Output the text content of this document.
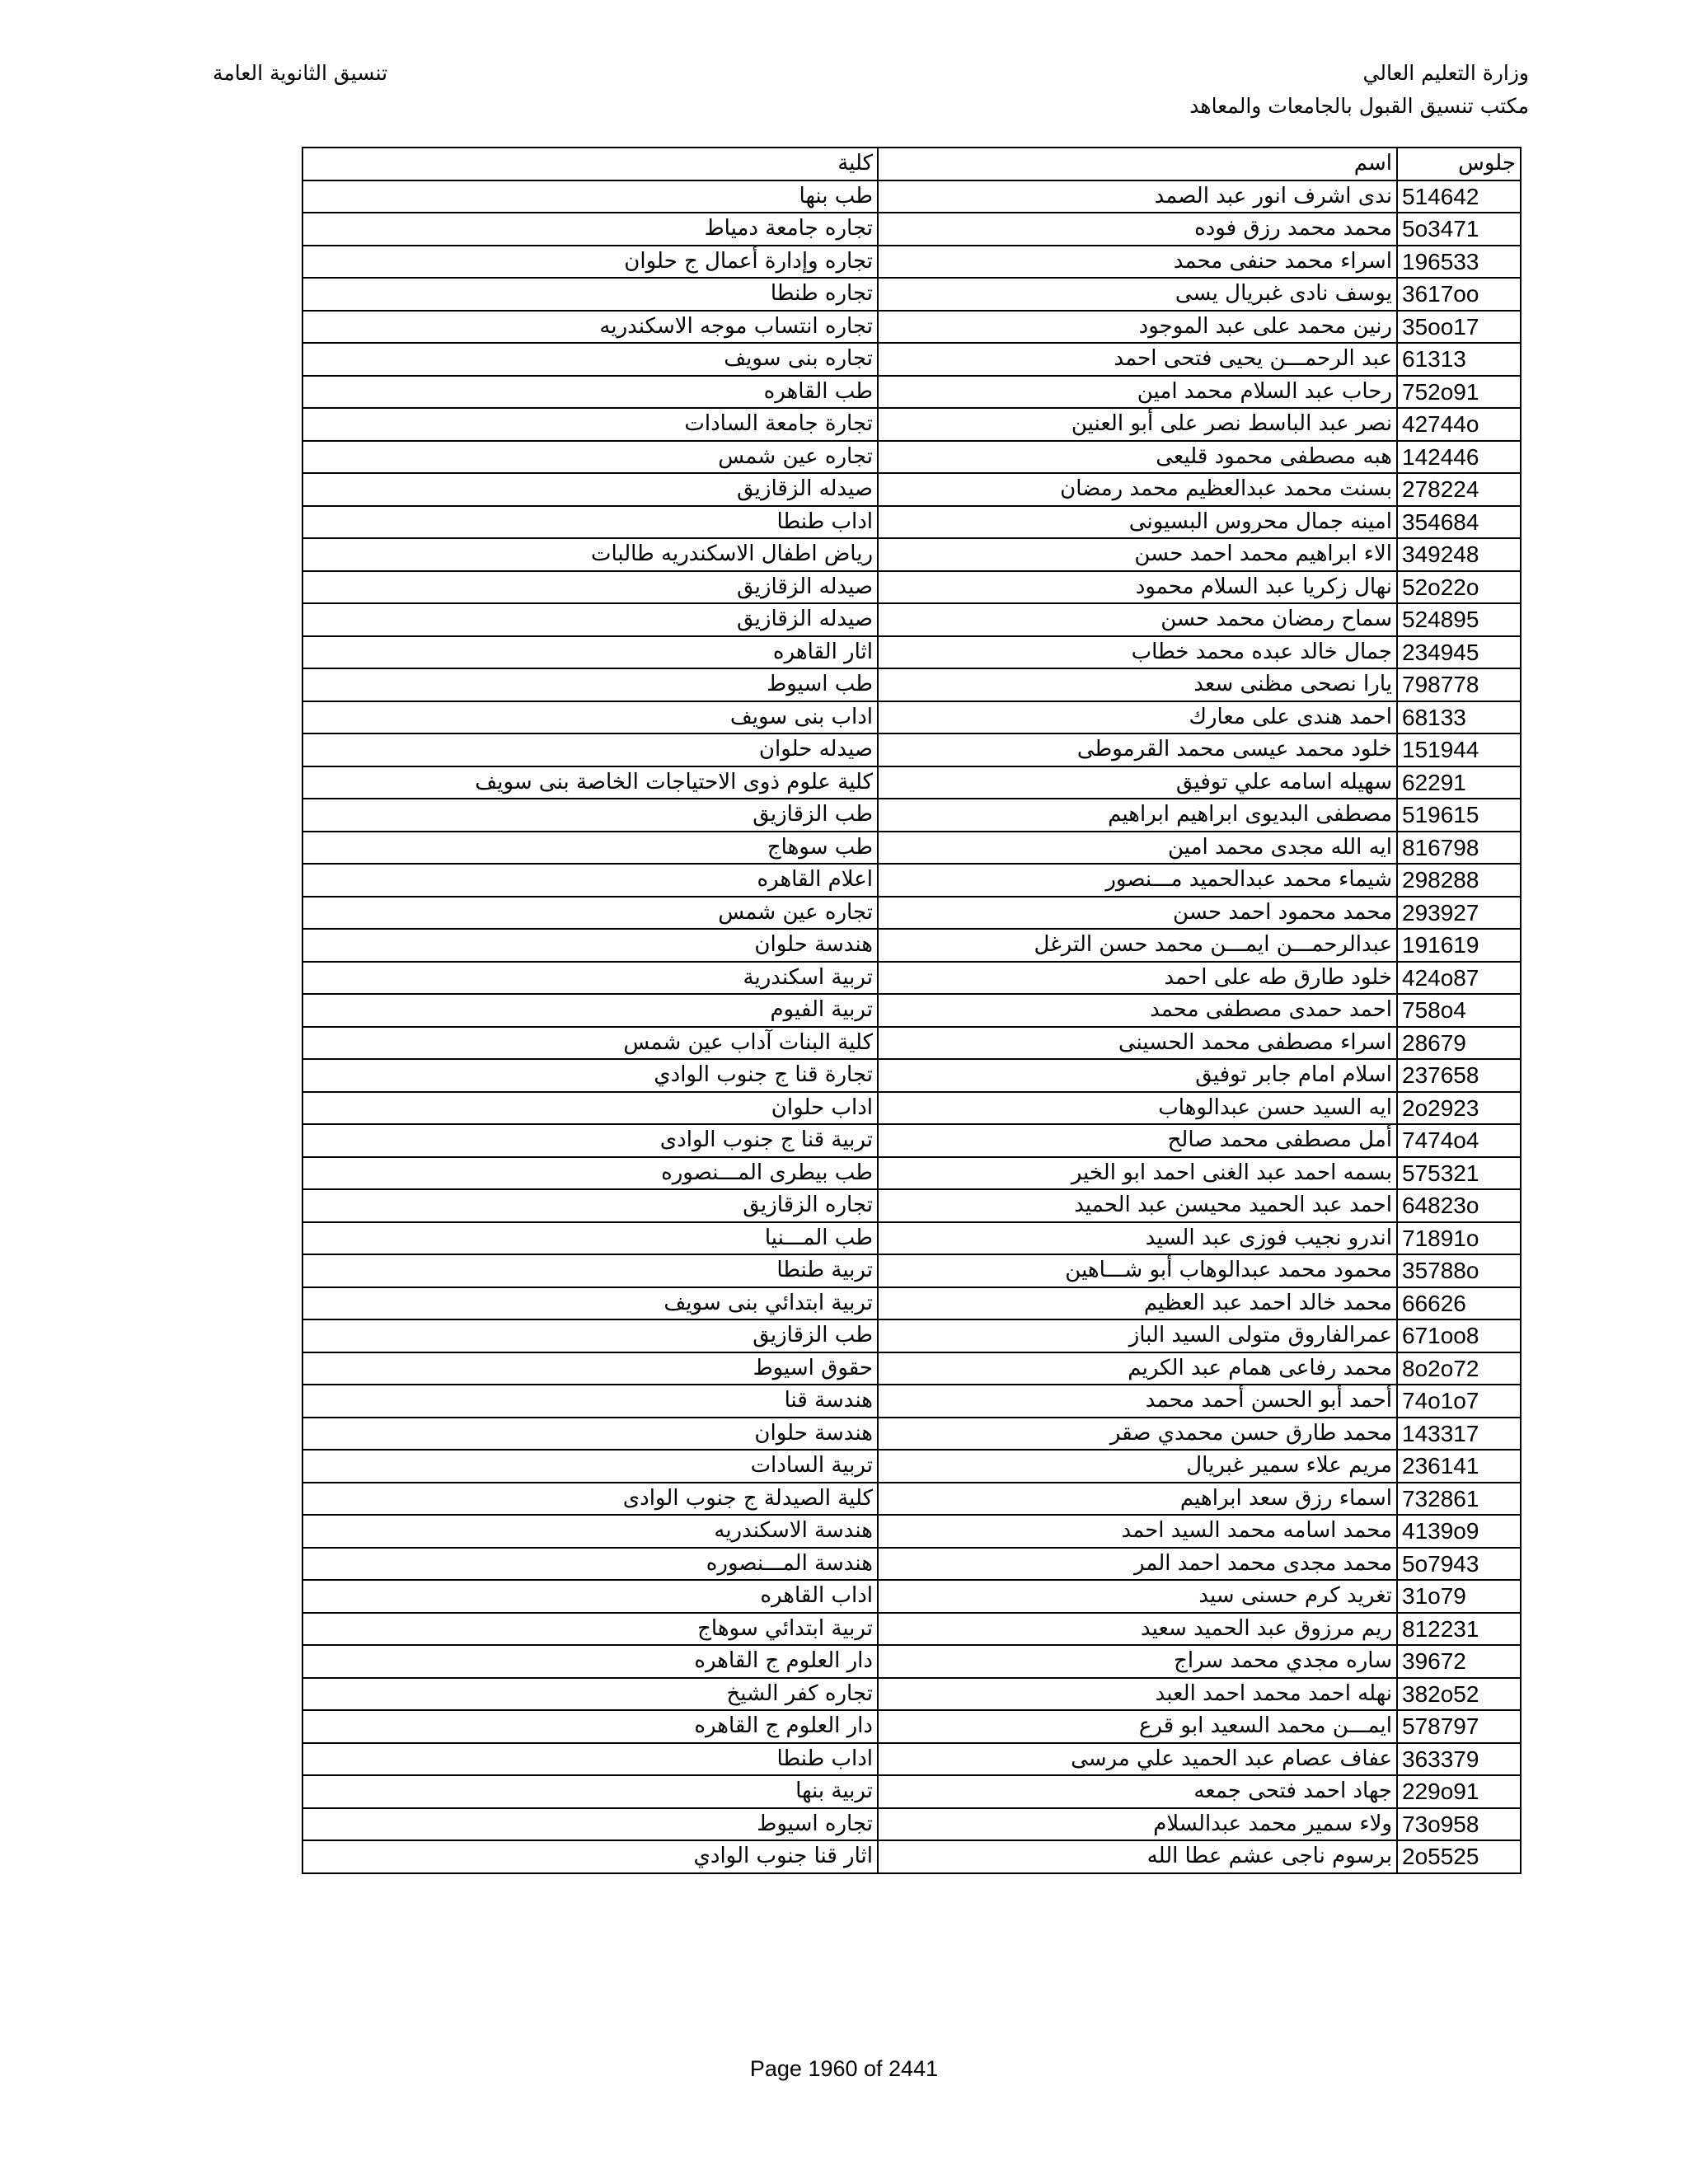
وزارة التعليم العالي
مكتب تنسيق القبول بالجامعات والمعاهد
تنسيق الثانوية العامة
جلوس	اسم	كلية
514642	ندى اشرف انور عبد الصمد	طب بنها
5o3471	محمد محمد رزق فوده	تجاره جامعة دمياط
196533	اسراء محمد حنفى محمد	تجاره وإدارة أعمال ج حلوان
3617oo	يوسف نادى غبريال يسى	تجاره طنطا
35oo17	رنين محمد على عبد الموجود	تجاره انتساب موجه الاسكندريه
61313	عبد الرحمـــن يحيى فتحى احمد	تجاره بنى سويف
752o91	رحاب عبد السلام محمد امين	طب القاهره
42744o	نصر عبد الباسط نصر على أبو العنين	تجارة جامعة السادات
142446	هبه مصطفى محمود قليعى	تجاره عين شمس
278224	بسنت محمد عبدالعظيم محمد رمضان	صيدله الزقازيق
354684	امينه جمال محروس البسيونى	اداب طنطا
349248	الاء ابراهيم محمد احمد حسن	رياض اطفال الاسكندريه طالبات
52o22o	نهال زكريا عبد السلام محمود	صيدله الزقازيق
524895	سماح رمضان محمد حسن	صيدله الزقازيق
234945	جمال خالد عبده محمد خطاب	اثار القاهره
798778	يارا نصحى مظنى سعد	طب اسيوط
68133	احمد هندى على معارك	اداب بنى سويف
151944	خلود محمد عيسى محمد القرموطى	صيدله حلوان
62291	سهيله اسامه علي توفيق	كلية علوم ذوى الاحتياجات الخاصة بنى سويف
519615	مصطفى البديوى ابراهيم ابراهيم	طب الزقازيق
816798	ايه الله مجدى محمد امين	طب سوهاج
298288	شيماء محمد عبدالحميد مـــنصور	اعلام القاهره
293927	محمد محمود احمد حسن	تجاره عين شمس
191619	عبدالرحمـــن ايمـــن محمد حسن الترغل	هندسة حلوان
424o87	خلود طارق طه على احمد	تربية اسكندرية
758o4	احمد حمدى مصطفى محمد	تربية الفيوم
28679	اسراء مصطفى محمد الحسينى	كلية البنات آداب عين شمس
237658	اسلام امام جابر توفيق	تجارة قنا ج جنوب الوادي
2o2923	ايه السيد حسن عبدالوهاب	اداب حلوان
7474o4	أمل مصطفى محمد صالح	تربية قنا ج جنوب الوادى
575321	بسمه احمد عبد الغنى احمد ابو الخير	طب بيطرى المـــنصوره
64823o	احمد عبد الحميد محيسن عبد الحميد	تجاره الزقازيق
71891o	اندرو نجيب فوزى عبد السيد	طب المـــنيا
35788o	محمود محمد عبدالوهاب أبو شـــاهين	تربية طنطا
66626	محمد خالد احمد عبد العظيم	تربية ابتدائي بنى سويف
671oo8	عمرالفاروق متولى السيد الباز	طب الزقازيق
8o2o72	محمد رفاعى همام عبد الكريم	حقوق اسيوط
74o1o7	أحمد أبو الحسن أحمد محمد	هندسة قنا
143317	محمد طارق حسن محمدي صقر	هندسة حلوان
236141	مريم علاء سمير غبريال	تربية السادات
732861	اسماء رزق سعد ابراهيم	كلية الصيدلة ج جنوب الوادى
4139o9	محمد اسامه محمد السيد احمد	هندسة الاسكندريه
5o7943	محمد مجدى محمد احمد المر	هندسة المـــنصوره
31o79	تغريد كرم حسنى سيد	اداب القاهره
812231	ريم مرزوق عبد الحميد سعيد	تربية ابتدائي سوهاج
39672	ساره مجدي محمد سراج	دار العلوم ج القاهره
382o52	نهله احمد محمد احمد العبد	تجاره كفر الشيخ
578797	ايمـــن محمد السعيد ابو قرع	دار العلوم ج القاهره
363379	عفاف عصام عبد الحميد علي مرسى	اداب طنطا
229o91	جهاد احمد فتحى جمعه	تربية بنها
73o958	ولاء سمير محمد عبدالسلام	تجاره اسيوط
2o5525	برسوم ناجى عشم عطا الله	اثار قنا جنوب الوادي
Page 1960 of 2441
